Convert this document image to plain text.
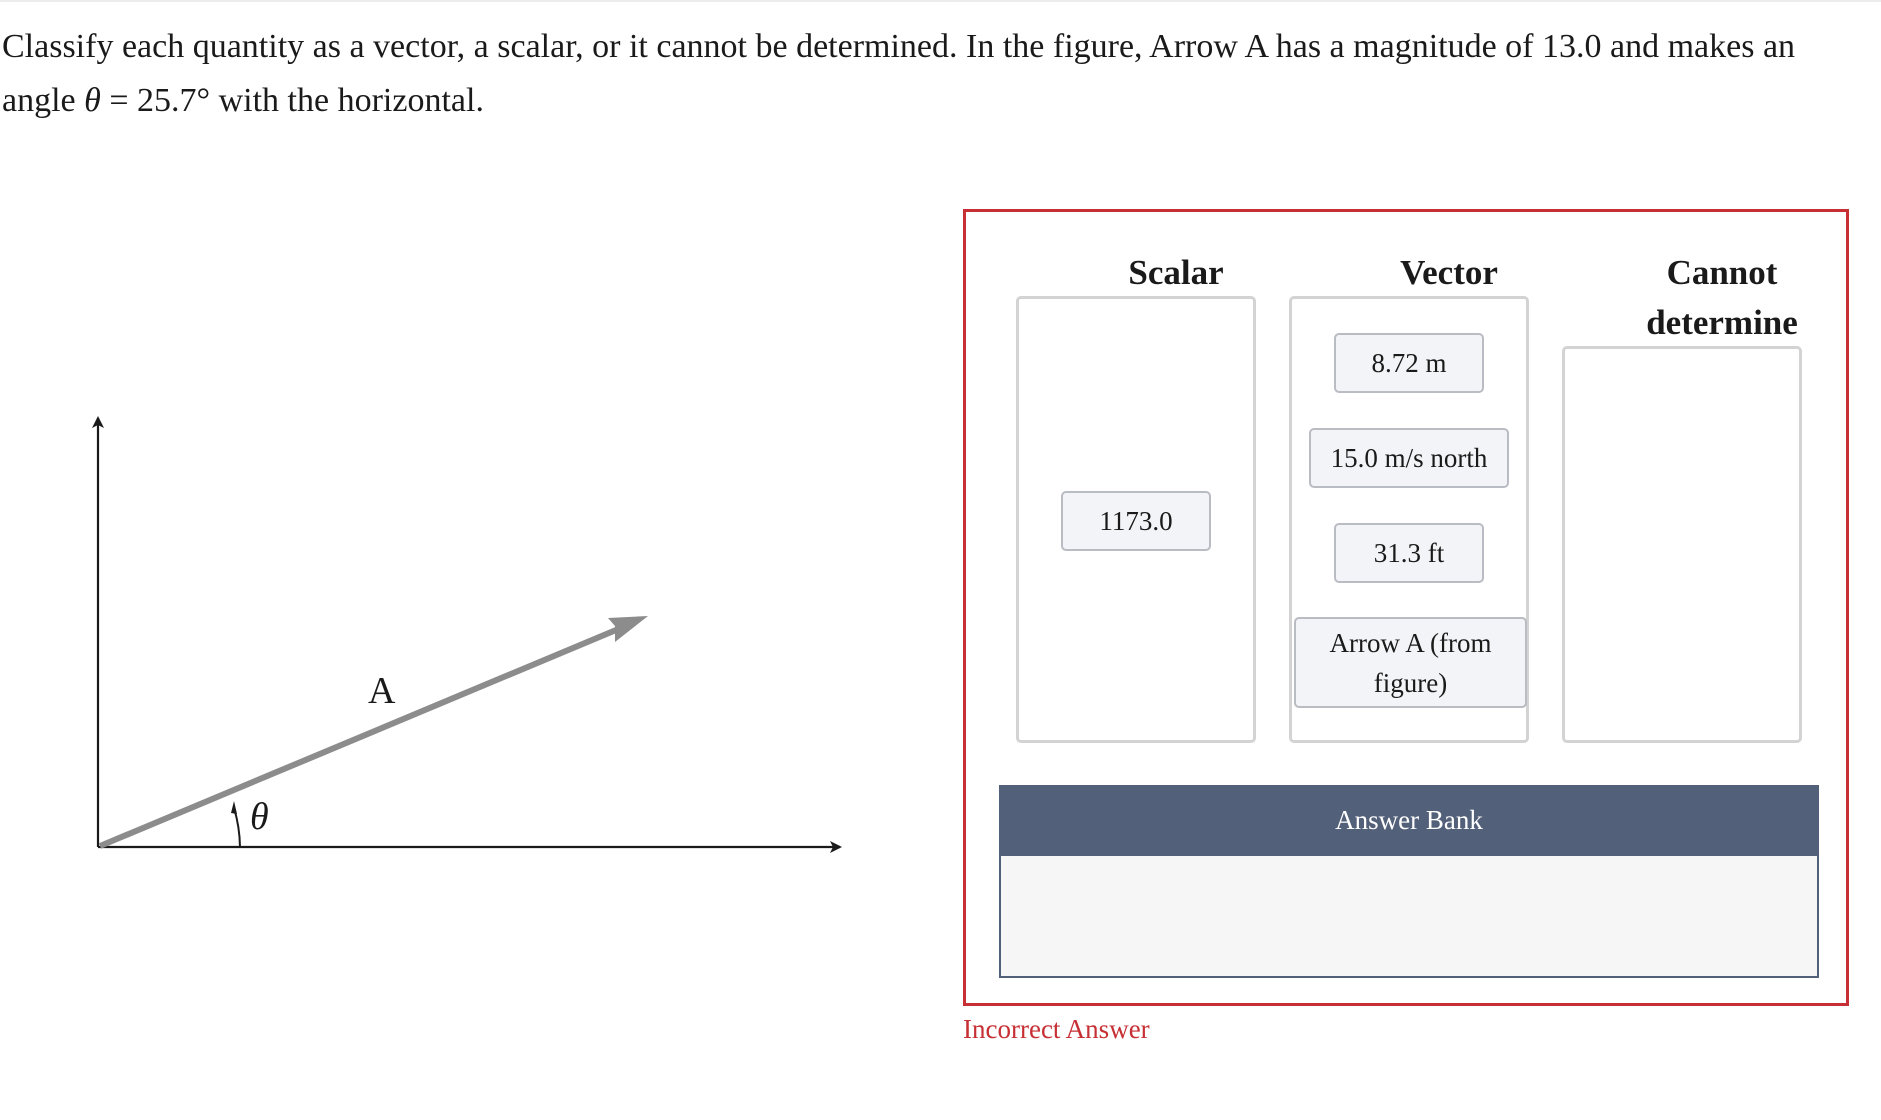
Classify each quantity as a vector, a scalar, or it cannot be determined. In the figure, Arrow A has a magnitude of 13.0 and makes an angle θ = 25.7° with the horizontal.

A
θ
Scalar	Vector	Cannot determine
1173.0
8.72 m
15.0 m/s north
31.3 ft
Arrow A (from figure)
Answer Bank
Incorrect Answer
